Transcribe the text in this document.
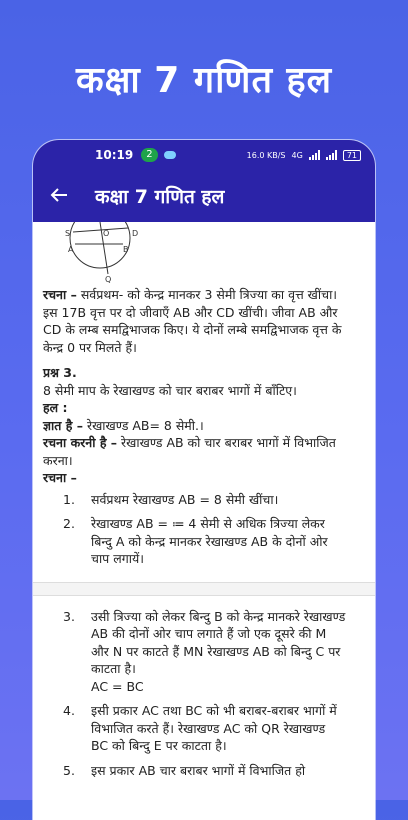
कक्षा 7 गणित हल
10:19	2	16.0 KB/S 4G	71
कक्षा 7 गणित हल
S	O	D
A	B
Q

रचना – सर्वप्रथम- को केन्द्र मानकर 3 सेमी त्रिज्या का वृत्त खींचा। इस 17B वृत्त पर दो जीवाएँ AB और CD खींची। जीवा AB और CD के लम्ब समद्विभाजक किए। ये दोनों लम्बे समद्विभाजक वृत्त के केन्द्र 0 पर मिलते हैं।

प्रश्न 3.

8 सेमी माप के रेखाखण्ड को चार बराबर भागों में बाँटिए।

हल :

ज्ञात है – रेखाखण्ड AB= 8 सेमी.।

रचना करनी है – रेखाखण्ड AB को चार बराबर भागों में विभाजित करना।

रचना –

1.	सर्वप्रथम रेखाखण्ड AB = 8 सेमी खींचा।
2.	रेखाखण्ड AB = ≔ 4 सेमी से अधिक त्रिज्या लेकर बिन्दु A को केन्द्र मानकर रेखाखण्ड AB के दोनों ओर चाप लगायें।
3.	उसी त्रिज्या को लेकर बिन्दु B को केन्द्र मानकरे रेखाखण्ड AB की दोनों ओर चाप लगाते हैं जो एक दूसरे की M और N पर काटते हैं MN रेखाखण्ड AB को बिन्दु C पर काटता है।
AC = BC
4.	इसी प्रकार AC तथा BC को भी बराबर-बराबर भागों में विभाजित करते हैं। रेखाखण्ड AC को QR रेखाखण्ड BC को बिन्दु E पर काटता है।
5.	इस प्रकार AB चार बराबर भागों में विभाजित हो
